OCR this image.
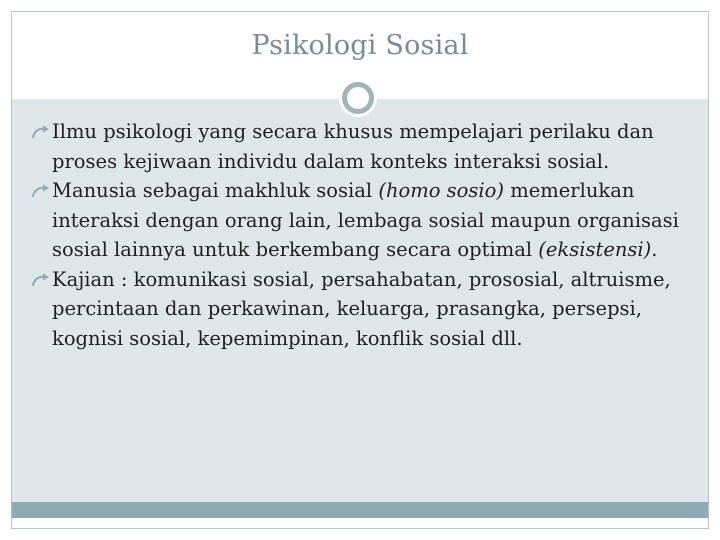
Psikologi Sosial
Ilmu psikologi yang secara khusus mempelajari perilaku dan proses kejiwaan individu dalam konteks interaksi sosial.
Manusia sebagai makhluk sosial (homo sosio) memerlukan interaksi dengan orang lain, lembaga sosial maupun organisasi sosial lainnya untuk berkembang secara optimal (eksistensi).
Kajian : komunikasi sosial, persahabatan, prososial, altruisme, percintaan dan perkawinan, keluarga, prasangka, persepsi, kognisi sosial, kepemimpinan, konflik sosial dll.
